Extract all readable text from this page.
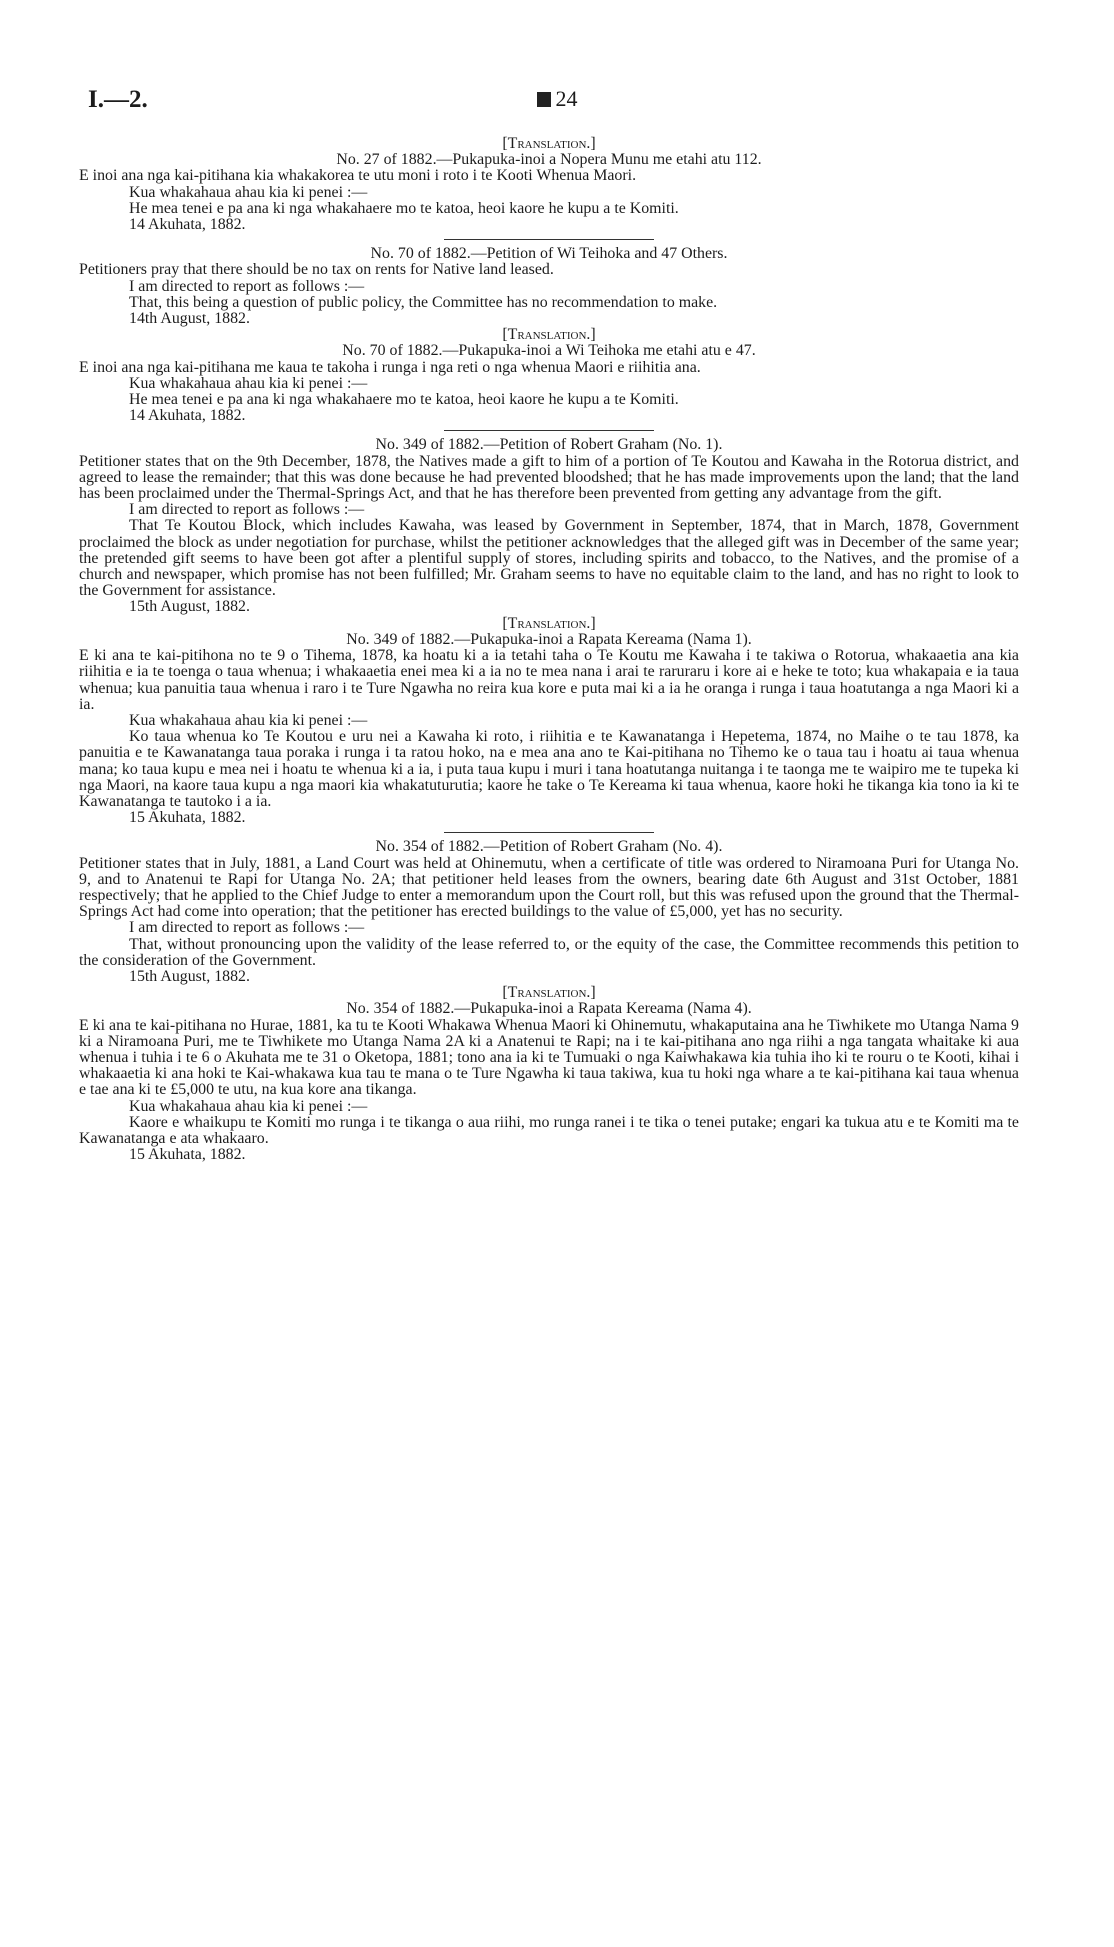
I.—2.	24
[Translation.]
No. 27 of 1882.—Pukapuka-inoi a Nopera Munu me etahi atu 112.

E inoi ana nga kai-pitihana kia whakakorea te utu moni i roto i te Kooti Whenua Maori.

Kua whakahaua ahau kia ki penei :—

He mea tenei e pa ana ki nga whakahaere mo te katoa, heoi kaore he kupu a te Komiti.

14 Akuhata, 1882.

No. 70 of 1882.—Petition of Wi Teihoka and 47 Others.

Petitioners pray that there should be no tax on rents for Native land leased.

I am directed to report as follows :—

That, this being a question of public policy, the Committee has no recommendation to make.

14th August, 1882.

[Translation.]
No. 70 of 1882.—Pukapuka-inoi a Wi Teihoka me etahi atu e 47.

E inoi ana nga kai-pitihana me kaua te takoha i runga i nga reti o nga whenua Maori e riihitia ana.

Kua whakahaua ahau kia ki penei :—

He mea tenei e pa ana ki nga whakahaere mo te katoa, heoi kaore he kupu a te Komiti.

14 Akuhata, 1882.

No. 349 of 1882.—Petition of Robert Graham (No. 1).

Petitioner states that on the 9th December, 1878, the Natives made a gift to him of a portion of Te Koutou and Kawaha in the Rotorua district, and agreed to lease the remainder; that this was done because he had prevented bloodshed; that he has made improvements upon the land; that the land has been proclaimed under the Thermal-Springs Act, and that he has therefore been prevented from getting any advantage from the gift.

I am directed to report as follows :—

That Te Koutou Block, which includes Kawaha, was leased by Government in September, 1874, that in March, 1878, Government proclaimed the block as under negotiation for purchase, whilst the petitioner acknowledges that the alleged gift was in December of the same year; the pretended gift seems to have been got after a plentiful supply of stores, including spirits and tobacco, to the Natives, and the promise of a church and newspaper, which promise has not been fulfilled; Mr. Graham seems to have no equitable claim to the land, and has no right to look to the Government for assistance.

15th August, 1882.

[Translation.]
No. 349 of 1882.—Pukapuka-inoi a Rapata Kereama (Nama 1).

E ki ana te kai-pitihona no te 9 o Tihema, 1878, ka hoatu ki a ia tetahi taha o Te Koutu me Kawaha i te takiwa o Rotorua, whakaaetia ana kia riihitia e ia te toenga o taua whenua; i whakaaetia enei mea ki a ia no te mea nana i arai te raruraru i kore ai e heke te toto; kua whakapaia e ia taua whenua; kua panuitia taua whenua i raro i te Ture Ngawha no reira kua kore e puta mai ki a ia he oranga i runga i taua hoatutanga a nga Maori ki a ia.

Kua whakahaua ahau kia ki penei :—

Ko taua whenua ko Te Koutou e uru nei a Kawaha ki roto, i riihitia e te Kawanatanga i Hepetema, 1874, no Maihe o te tau 1878, ka panuitia e te Kawanatanga taua poraka i runga i ta ratou hoko, na e mea ana ano te Kai-pitihana no Tihemo ke o taua tau i hoatu ai taua whenua mana; ko taua kupu e mea nei i hoatu te whenua ki a ia, i puta taua kupu i muri i tana hoatutanga nuitanga i te taonga me te waipiro me te tupeka ki nga Maori, na kaore taua kupu a nga maori kia whakatuturutia; kaore he take o Te Kereama ki taua whenua, kaore hoki he tikanga kia tono ia ki te Kawanatanga te tautoko i a ia.

15 Akuhata, 1882.

No. 354 of 1882.—Petition of Robert Graham (No. 4).

Petitioner states that in July, 1881, a Land Court was held at Ohinemutu, when a certificate of title was ordered to Niramoana Puri for Utanga No. 9, and to Anatenui te Rapi for Utanga No. 2A; that petitioner held leases from the owners, bearing date 6th August and 31st October, 1881 respectively; that he applied to the Chief Judge to enter a memorandum upon the Court roll, but this was refused upon the ground that the Thermal-Springs Act had come into operation; that the petitioner has erected buildings to the value of £5,000, yet has no security.

I am directed to report as follows :—

That, without pronouncing upon the validity of the lease referred to, or the equity of the case, the Committee recommends this petition to the consideration of the Government.

15th August, 1882.

[Translation.]
No. 354 of 1882.—Pukapuka-inoi a Rapata Kereama (Nama 4).

E ki ana te kai-pitihana no Hurae, 1881, ka tu te Kooti Whakawa Whenua Maori ki Ohinemutu, whakaputaina ana he Tiwhikete mo Utanga Nama 9 ki a Niramoana Puri, me te Tiwhikete mo Utanga Nama 2A ki a Anatenui te Rapi; na i te kai-pitihana ano nga riihi a nga tangata whaitake ki aua whenua i tuhia i te 6 o Akuhata me te 31 o Oketopa, 1881; tono ana ia ki te Tumuaki o nga Kaiwhakawa kia tuhia iho ki te rouru o te Kooti, kihai i whakaaetia ki ana hoki te Kai-whakawa kua tau te mana o te Ture Ngawha ki taua takiwa, kua tu hoki nga whare a te kai-pitihana kai taua whenua e tae ana ki te £5,000 te utu, na kua kore ana tikanga.

Kua whakahaua ahau kia ki penei :—

Kaore e whaikupu te Komiti mo runga i te tikanga o aua riihi, mo runga ranei i te tika o tenei putake; engari ka tukua atu e te Komiti ma te Kawanatanga e ata whakaaro.

15 Akuhata, 1882.
